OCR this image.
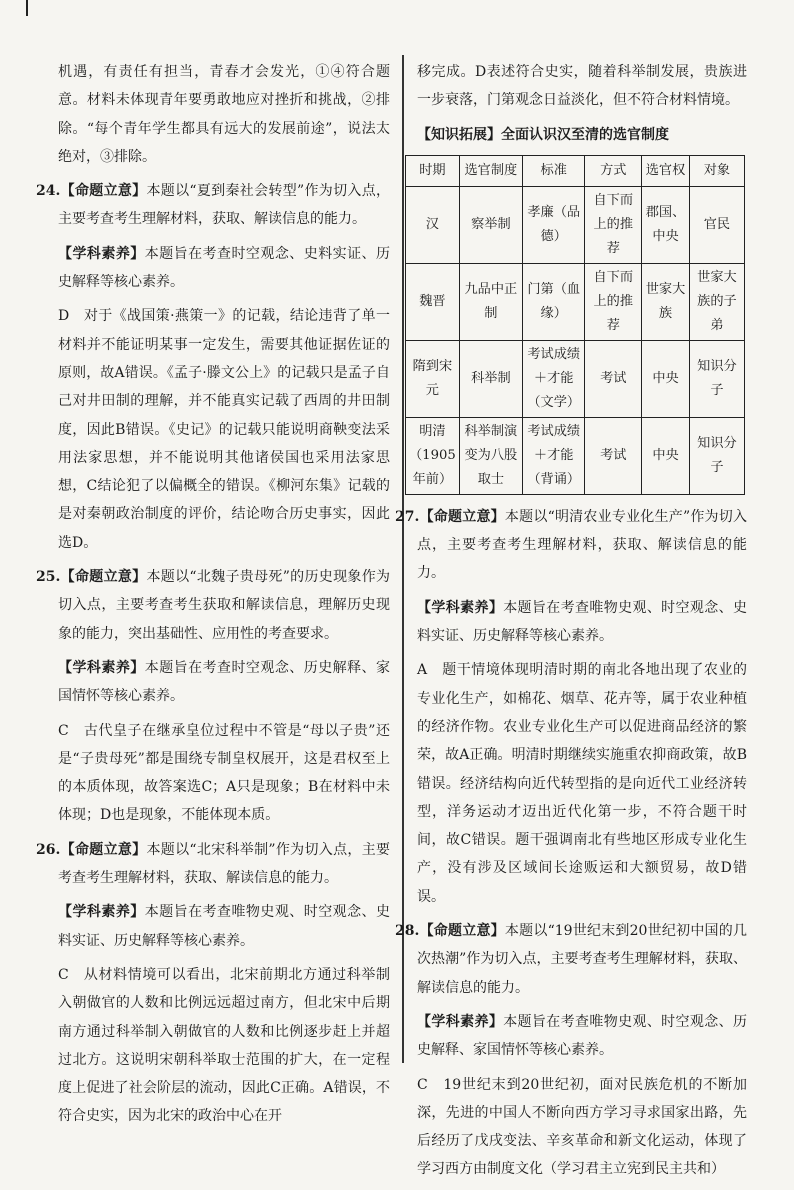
机遇，有责任有担当，青春才会发光，①④符合题意。材料未体现青年要勇敢地应对挫折和挑战，②排除。“每个青年学生都具有远大的发展前途”，说法太绝对，③排除。

24.【命题立意】本题以“夏到秦社会转型”作为切入点，主要考查考生理解材料，获取、解读信息的能力。

【学科素养】本题旨在考查时空观念、史料实证、历史解释等核心素养。

D　对于《战国策·燕策一》的记载，结论违背了单一材料并不能证明某事一定发生，需要其他证据佐证的原则，故A错误。《孟子·滕文公上》的记载只是孟子自己对井田制的理解，并不能真实记载了西周的井田制度，因此B错误。《史记》的记载只能说明商鞅变法采用法家思想，并不能说明其他诸侯国也采用法家思想，C结论犯了以偏概全的错误。《柳河东集》记载的是对秦朝政治制度的评价，结论吻合历史事实，因此选D。

25.【命题立意】本题以“北魏子贵母死”的历史现象作为切入点，主要考查考生获取和解读信息，理解历史现象的能力，突出基础性、应用性的考查要求。

【学科素养】本题旨在考查时空观念、历史解释、家国情怀等核心素养。

C　古代皇子在继承皇位过程中不管是“母以子贵”还是“子贵母死”都是围绕专制皇权展开，这是君权至上的本质体现，故答案选C；A只是现象；B在材料中未体现；D也是现象，不能体现本质。

26.【命题立意】本题以“北宋科举制”作为切入点，主要考查考生理解材料，获取、解读信息的能力。

【学科素养】本题旨在考查唯物史观、时空观念、史料实证、历史解释等核心素养。

C　从材料情境可以看出，北宋前期北方通过科举制入朝做官的人数和比例远远超过南方，但北宋中后期南方通过科举制入朝做官的人数和比例逐步赶上并超过北方。这说明宋朝科举取士范围的扩大，在一定程度上促进了社会阶层的流动，因此C正确。A错误，不符合史实，因为北宋的政治中心在开

移完成。D表述符合史实，随着科举制发展，贵族进一步衰落，门第观念日益淡化，但不符合材料情境。

【知识拓展】全面认识汉至清的选官制度

时期	选官制度	标准	方式	选官权	对象
汉	察举制	孝廉（品德）	自下而上的推荐	郡国、中央	官民
魏晋	九品中正制	门第（血缘）	自下而上的推荐	世家大族	世家大族的子弟
隋到宋元	科举制	考试成绩＋才能（文学）	考试	中央	知识分子
明清（1905年前）	科举制演变为八股取士	考试成绩＋才能（背诵）	考试	中央	知识分子

27.【命题立意】本题以“明清农业专业化生产”作为切入点，主要考查考生理解材料，获取、解读信息的能力。

【学科素养】本题旨在考查唯物史观、时空观念、史料实证、历史解释等核心素养。

A　题干情境体现明清时期的南北各地出现了农业的专业化生产，如棉花、烟草、花卉等，属于农业种植的经济作物。农业专业化生产可以促进商品经济的繁荣，故A正确。明清时期继续实施重农抑商政策，故B错误。经济结构向近代转型指的是向近代工业经济转型，洋务运动才迈出近代化第一步，不符合题干时间，故C错误。题干强调南北有些地区形成专业化生产，没有涉及区域间长途贩运和大额贸易，故D错误。

28.【命题立意】本题以“19世纪末到20世纪初中国的几次热潮”作为切入点，主要考查考生理解材料，获取、解读信息的能力。

【学科素养】本题旨在考查唯物史观、时空观念、历史解释、家国情怀等核心素养。

C　19世纪末到20世纪初，面对民族危机的不断加深，先进的中国人不断向西方学习寻求国家出路，先后经历了戊戌变法、辛亥革命和新文化运动，体现了学习西方由制度文化（学习君主立宪到民主共和）
